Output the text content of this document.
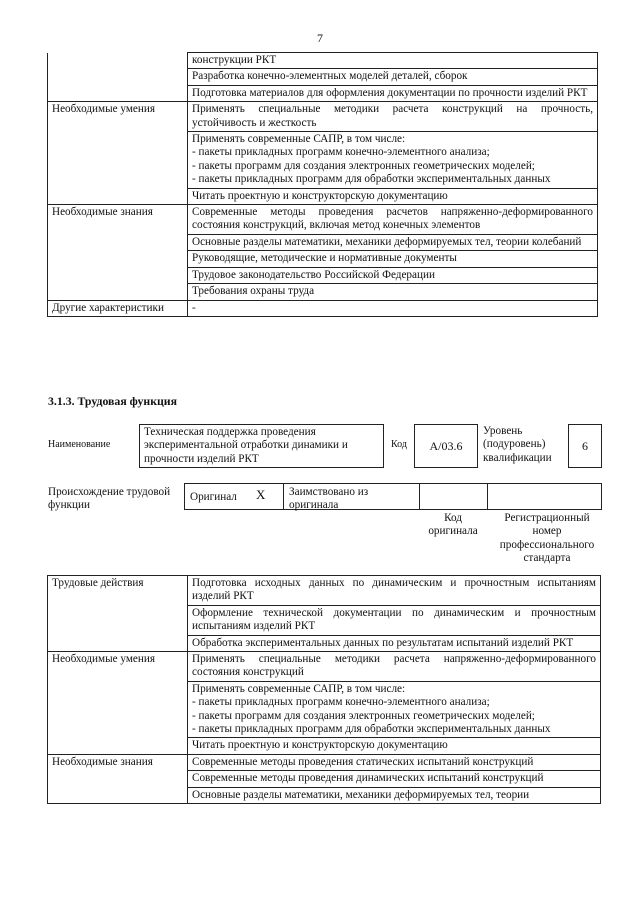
7
	конструкции РКТ
	Разработка конечно-элементных моделей деталей, сборок
	Подготовка материалов для оформления документации по прочности изделий РКТ
Необходимые умения	Применять специальные методики расчета конструкций на прочность, устойчивость и жесткость

	Применять современные САПР, в том числе:
- пакеты прикладных программ конечно-элементного анализа;
- пакеты программ для создания электронных геометрических моделей;
- пакеты прикладных программ для обработки экспериментальных данных

	Читать проектную и конструкторскую документацию
Необходимые знания	Современные методы проведения расчетов напряженно-деформированного состояния конструкций, включая метод конечных элементов
	Основные разделы математики, механики деформируемых тел, теории колебаний
	Руководящие, методические и нормативные документы
	Трудовое законодательство Российской Федерации
	Требования охраны труда
Другие характеристики	-
3.1.3. Трудовая функция
Наименование
Техническая поддержка проведения экспериментальной отработки динамики и прочности изделий РКТ
Код А/03.6
Уровень (подуровень) квалификации
6
Происхождение трудовой функции
Оригинал X Заимствовано из оригинала
Код оригинала
Регистрационный номер профессионального стандарта
Трудовые действия	Подготовка исходных данных по динамическим и прочностным испытаниям изделий РКТ
	Оформление технической документации по динамическим и прочностным испытаниям изделий РКТ
	Обработка экспериментальных данных по результатам испытаний изделий РКТ
Необходимые умения	Применять специальные методики расчета напряженно-деформированного состояния конструкций

	Применять современные САПР, в том числе:
- пакеты прикладных программ конечно-элементного анализа;
- пакеты программ для создания электронных геометрических моделей;
- пакеты прикладных программ для обработки экспериментальных данных

	Читать проектную и конструкторскую документацию
Необходимые знания	Современные методы проведения статических испытаний конструкций
	Современные методы проведения динамических испытаний конструкций
	Основные разделы математики, механики деформируемых тел, теории
